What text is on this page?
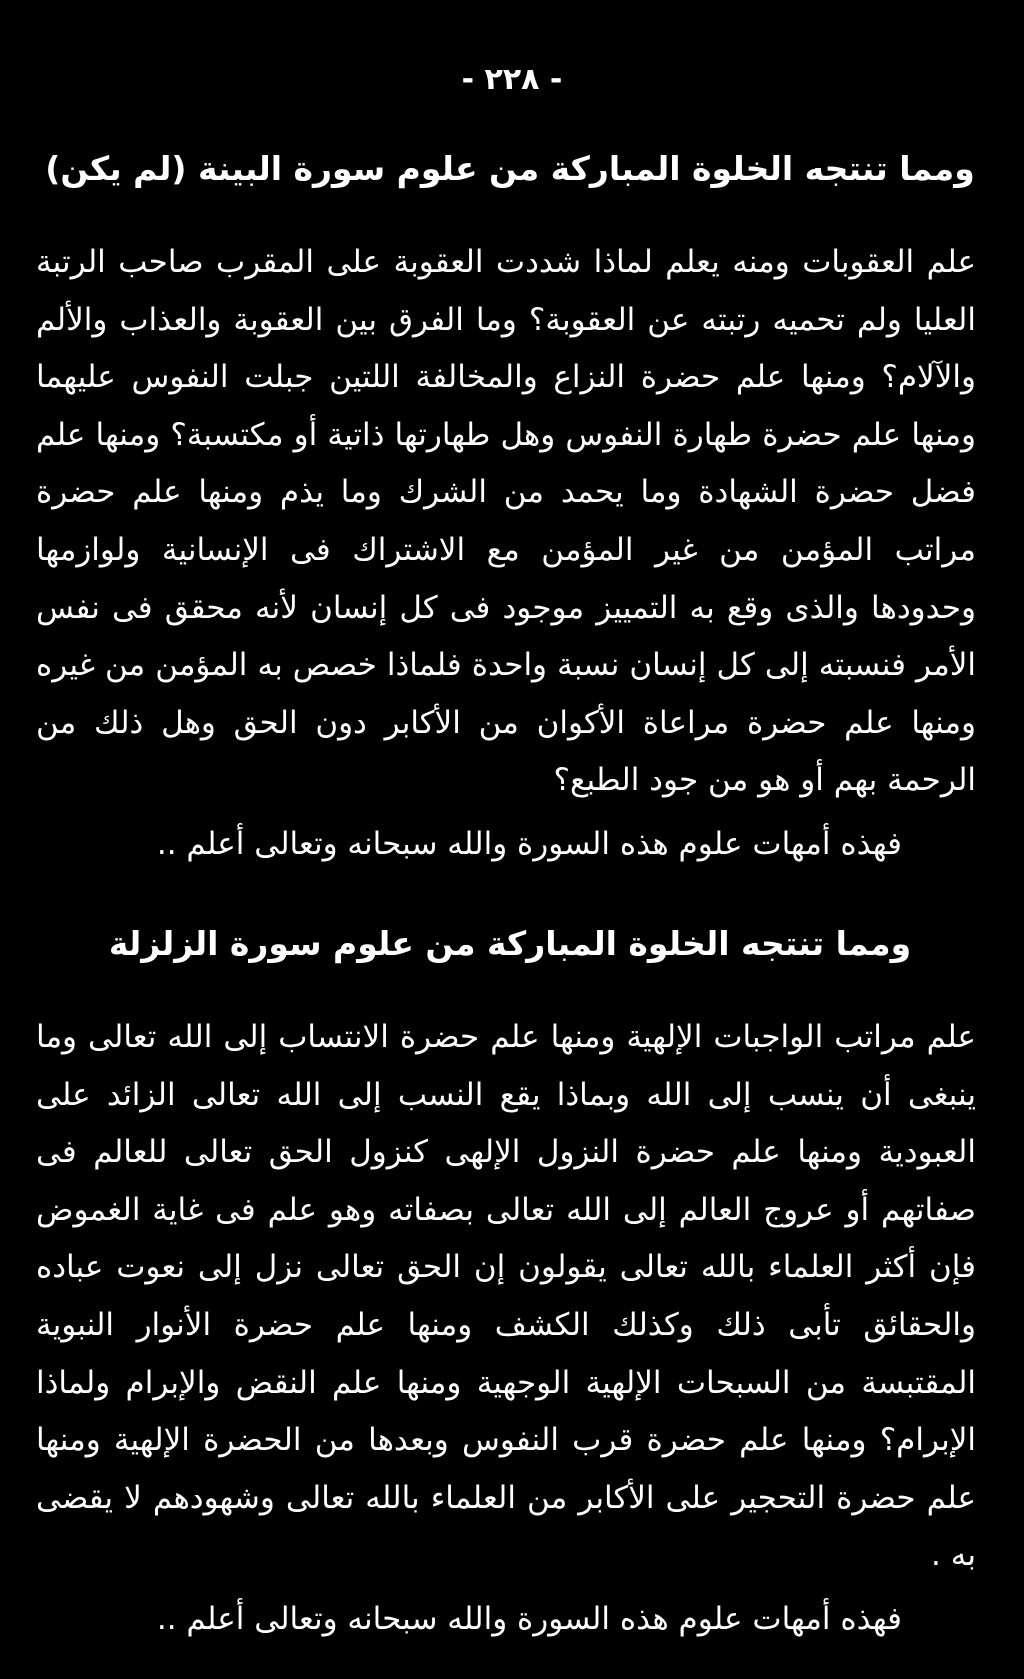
- ٢٢٨ -
ومما تنتجه الخلوة المباركة من علوم سورة البينة (لم يكن)

علم العقوبات ومنه يعلم لماذا شددت العقوبة على المقرب صاحب الرتبة العليا ولم تحميه رتبته عن العقوبة؟ وما الفرق بين العقوبة والعذاب والألم والآلام؟ ومنها علم حضرة النزاع والمخالفة اللتين جبلت النفوس عليهما ومنها علم حضرة طهارة النفوس وهل طهارتها ذاتية أو مكتسبة؟ ومنها علم فضل حضرة الشهادة وما يحمد من الشرك وما يذم ومنها علم حضرة مراتب المؤمن من غير المؤمن مع الاشتراك فى الإنسانية ولوازمها وحدودها والذى وقع به التمييز موجود فى كل إنسان لأنه محقق فى نفس الأمر فنسبته إلى كل إنسان نسبة واحدة فلماذا خصص به المؤمن من غيره ومنها علم حضرة مراعاة الأكوان من الأكابر دون الحق وهل ذلك من الرحمة بهم أو هو من جود الطبع؟

فهذه أمهات علوم هذه السورة والله سبحانه وتعالى أعلم ..

ومما تنتجه الخلوة المباركة من علوم سورة الزلزلة

علم مراتب الواجبات الإلهية ومنها علم حضرة الانتساب إلى الله تعالى وما ينبغى أن ينسب إلى الله وبماذا يقع النسب إلى الله تعالى الزائد على العبودية ومنها علم حضرة النزول الإلهى كنزول الحق تعالى للعالم فى صفاتهم أو عروج العالم إلى الله تعالى بصفاته وهو علم فى غاية الغموض فإن أكثر العلماء بالله تعالى يقولون إن الحق تعالى نزل إلى نعوت عباده والحقائق تأبى ذلك وكذلك الكشف ومنها علم حضرة الأنوار النبوية المقتبسة من السبحات الإلهية الوجهية ومنها علم النقض والإبرام ولماذا الإبرام؟ ومنها علم حضرة قرب النفوس وبعدها من الحضرة الإلهية ومنها علم حضرة التحجير على الأكابر من العلماء بالله تعالى وشهودهم لا يقضى به .

فهذه أمهات علوم هذه السورة والله سبحانه وتعالى أعلم ..
